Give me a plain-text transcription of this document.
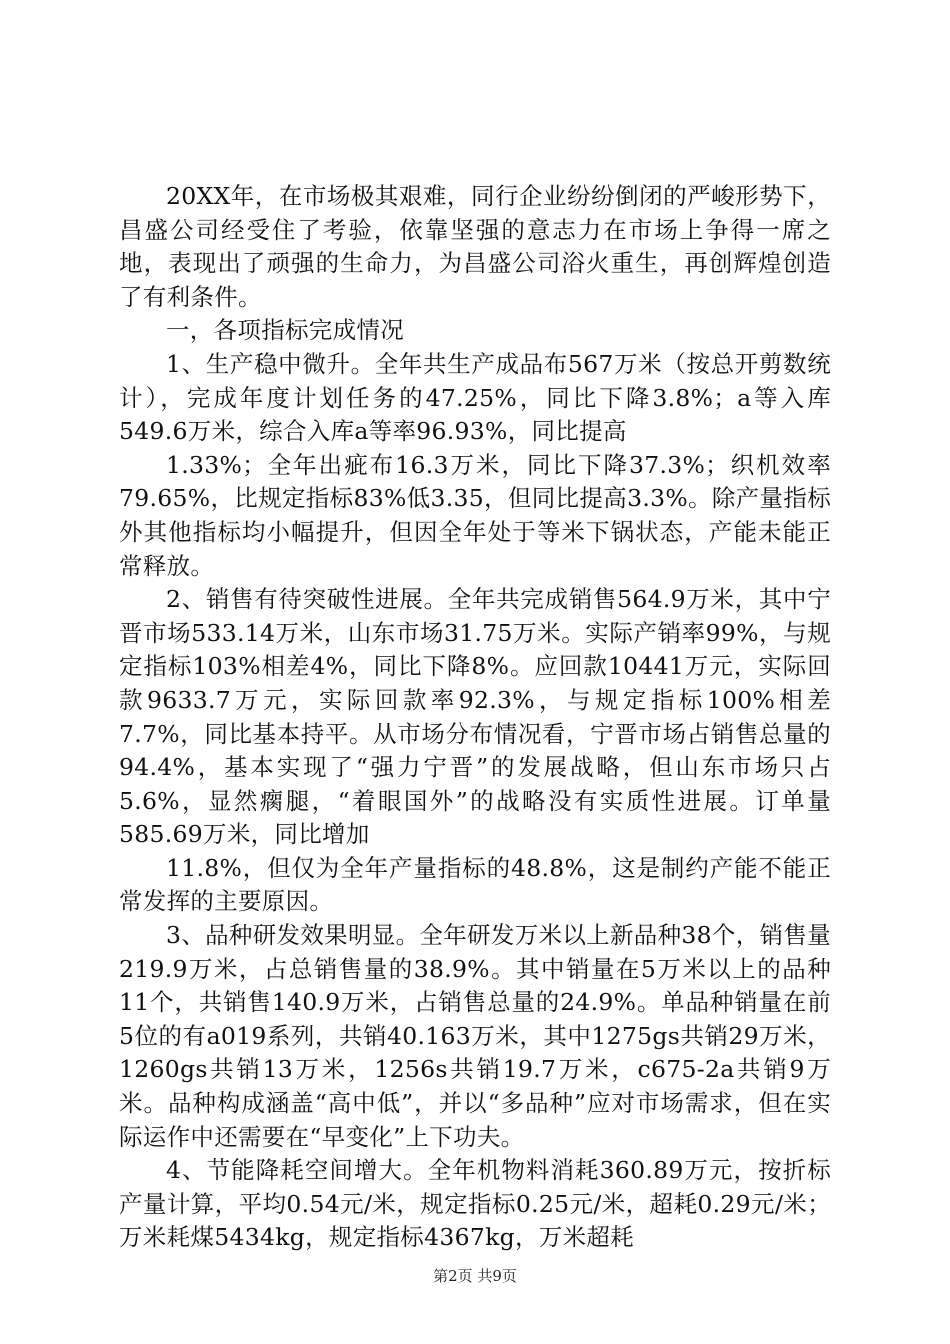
20XX年，在市场极其艰难，同行企业纷纷倒闭的严峻形势下，昌盛公司经受住了考验，依靠坚强的意志力在市场上争得一席之地，表现出了顽强的生命力，为昌盛公司浴火重生，再创辉煌创造了有利条件。

一，各项指标完成情况

1、生产稳中微升。全年共生产成品布567万米（按总开剪数统计），完成年度计划任务的47.25%，同比下降3.8%；a等入库549.6万米，综合入库a等率96.93%，同比提高

1.33%；全年出疵布16.3万米，同比下降37.3%；织机效率79.65%，比规定指标83%低3.35，但同比提高3.3%。除产量指标外其他指标均小幅提升，但因全年处于等米下锅状态，产能未能正常释放。

2、销售有待突破性进展。全年共完成销售564.9万米，其中宁晋市场533.14万米，山东市场31.75万米。实际产销率99%，与规定指标103%相差4%，同比下降8%。应回款10441万元，实际回款9633.7万元，实际回款率92.3%，与规定指标100%相差7.7%，同比基本持平。从市场分布情况看，宁晋市场占销售总量的94.4%，基本实现了“强力宁晋”的发展战略，但山东市场只占5.6%，显然瘸腿，“着眼国外”的战略没有实质性进展。订单量585.69万米，同比增加

11.8%，但仅为全年产量指标的48.8%，这是制约产能不能正常发挥的主要原因。

3、品种研发效果明显。全年研发万米以上新品种38个，销售量219.9万米，占总销售量的38.9%。其中销量在5万米以上的品种11个，共销售140.9万米，占销售总量的24.9%。单品种销量在前5位的有a019系列，共销40.163万米，其中1275gs共销29万米，1260gs共销13万米，1256s共销19.7万米，c675-2a共销9万米。品种构成涵盖“高中低”，并以“多品种”应对市场需求，但在实际运作中还需要在“早变化”上下功夫。

4、节能降耗空间增大。全年机物料消耗360.89万元，按折标产量计算，平均0.54元/米，规定指标0.25元/米，超耗0.29元/米；万米耗煤5434kg，规定指标4367kg，万米超耗

第2页 共9页
